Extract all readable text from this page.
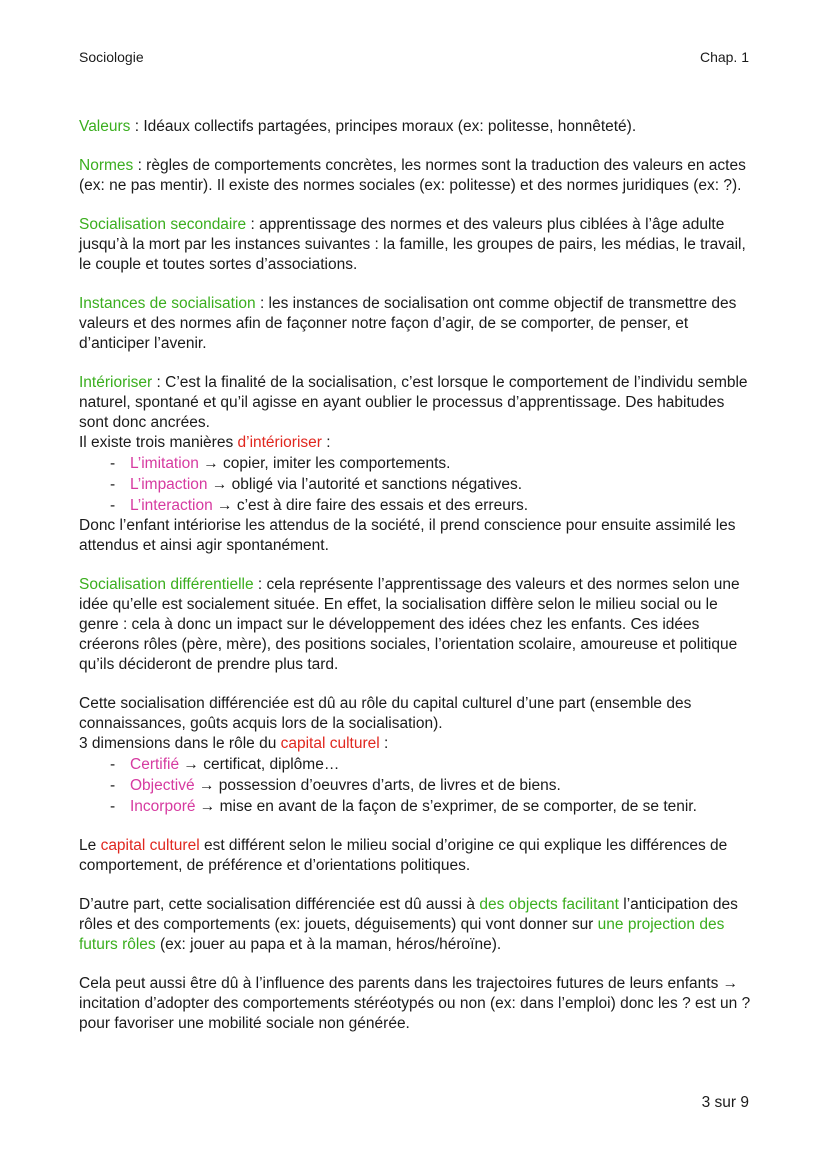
Sociologie	Chap. 1

Valeurs : Idéaux collectifs partagées, principes moraux (ex: politesse, honnêteté).

Normes : règles de comportements concrètes, les normes sont la traduction des valeurs en actes (ex: ne pas mentir). Il existe des normes sociales (ex: politesse) et des normes juridiques (ex: ?).

Socialisation secondaire : apprentissage des normes et des valeurs plus ciblées à l’âge adulte jusqu’à la mort par les instances suivantes : la famille, les groupes de pairs, les médias, le travail, le couple et toutes sortes d’associations.

Instances de socialisation : les instances de socialisation ont comme objectif de transmettre des valeurs et des normes afin de façonner notre façon d’agir, de se comporter, de penser, et d’anticiper l’avenir.

Intérioriser : C’est la finalité de la socialisation, c’est lorsque le comportement de l’individu semble naturel, spontané et qu’il agisse en ayant oublier le processus d’apprentissage. Des habitudes sont donc ancrées.

Il existe trois manières d’intérioriser :

- L’imitation → copier, imiter les comportements.
- L’impaction → obligé via l’autorité et sanctions négatives.
- L’interaction → c’est à dire faire des essais et des erreurs.

Donc l’enfant intériorise les attendus de la société, il prend conscience pour ensuite assimilé les attendus et ainsi agir spontanément.

Socialisation différentielle : cela représente l’apprentissage des valeurs et des normes selon une idée qu’elle est socialement située. En effet, la socialisation diffère selon le milieu social ou le genre : cela à donc un impact sur le développement des idées chez les enfants. Ces idées créerons rôles (père, mère), des positions sociales, l’orientation scolaire, amoureuse et politique qu’ils décideront de prendre plus tard.

Cette socialisation différenciée est dû au rôle du capital culturel d’une part (ensemble des connaissances, goûts acquis lors de la socialisation).

3 dimensions dans le rôle du capital culturel :

- Certifié → certificat, diplôme…
- Objectivé → possession d’oeuvres d’arts, de livres et de biens.
- Incorporé → mise en avant de la façon de s’exprimer, de se comporter, de se tenir.

Le capital culturel est différent selon le milieu social d’origine ce qui explique les différences de comportement, de préférence et d’orientations politiques.

D’autre part, cette socialisation différenciée est dû aussi à des objects facilitant l’anticipation des rôles et des comportements (ex: jouets, déguisements) qui vont donner sur une projection des futurs rôles (ex: jouer au papa et à la maman, héros/héroïne).

Cela peut aussi être dû à l’influence des parents dans les trajectoires futures de leurs enfants → incitation d’adopter des comportements stéréotypés ou non (ex: dans l’emploi) donc les ? est un ? pour favoriser une mobilité sociale non générée.

3 sur 9
